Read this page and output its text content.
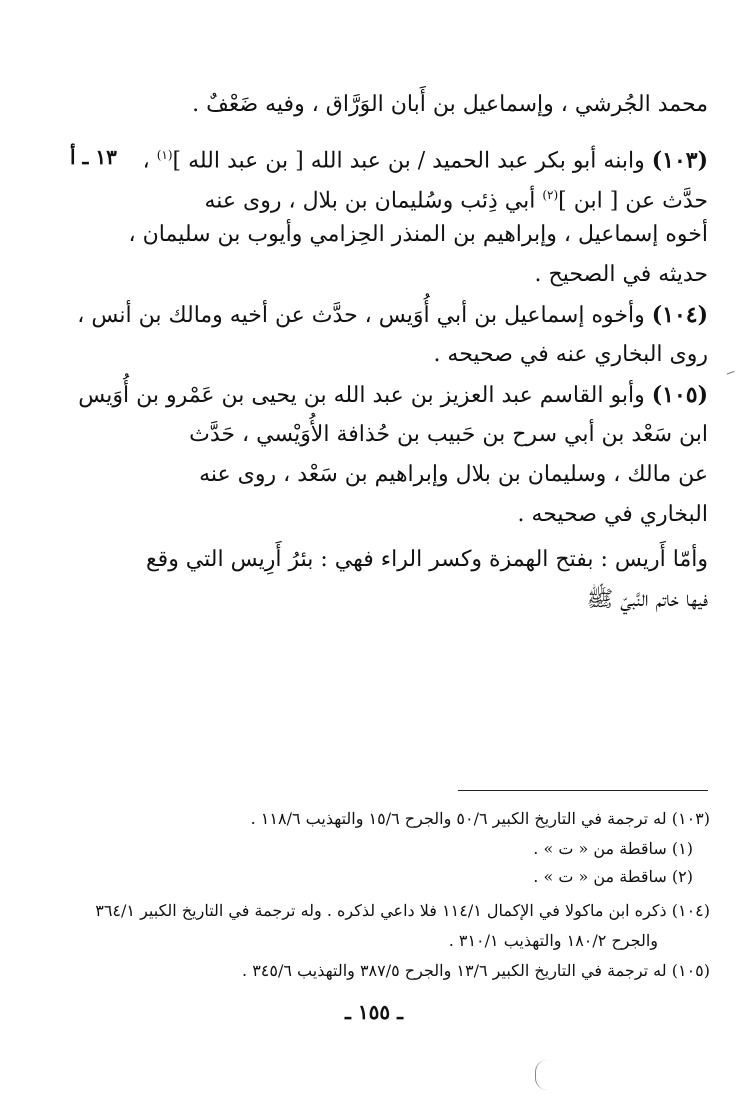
محمد الجُرشي ، وإسماعيل بن أَبان الوَرَّاق ، وفيه ضَعْفٌ .
(١٠٣) وابنه أبو بكر عبد الحميد / بن عبد الله [ بن عبد الله ]$^{(١)}$ ،
١٣ ـ أ
حدَّث عن [ ابن ]$^{(٢)}$ أبي ذِئب وسُليمان بن بلال ، روى عنه
أخوه إسماعيل ، وإبراهيم بن المنذر الحِزامي وأيوب بن سليمان ،
حديثه في الصحيح .
(١٠٤) وأخوه إسماعيل بن أبي أُوَيس ، حدَّث عن أخيه ومالك بن أنس ،
روى البخاري عنه في صحيحه .
(١٠٥) وأبو القاسم عبد العزيز بن عبد الله بن يحيى بن عَمْرو بن أُوَيس
ابن سَعْد بن أبي سرح بن حَبيب بن حُذافة الأُوَيْسي ، حَدَّث
عن مالك ، وسليمان بن بلال وإبراهيم بن سَعْد ، روى عنه
البخاري في صحيحه .
وأمّا أَريس : بفتح الهمزة وكسر الراء فهي : بئرُ أَرِيس التي وقع
فيها خاتم النَّبيّ ﷺ
(١٠٣) له ترجمة في التاريخ الكبير ٥٠/٦ والجرح ١٥/٦ والتهذيب ١١٨/٦ .
(١) ساقطة من « ت » .
(٢) ساقطة من « ت » .
(١٠٤) ذكره ابن ماكولا في الإكمال ١١٤/١ فلا داعي لذكره . وله ترجمة في التاريخ الكبير ٣٦٤/١
والجرح ١٨٠/٢ والتهذيب ٣١٠/١ .
(١٠٥) له ترجمة في التاريخ الكبير ١٣/٦ والجرح ٣٨٧/٥ والتهذيب ٣٤٥/٦ .
ـ ١٥٥ ـ
